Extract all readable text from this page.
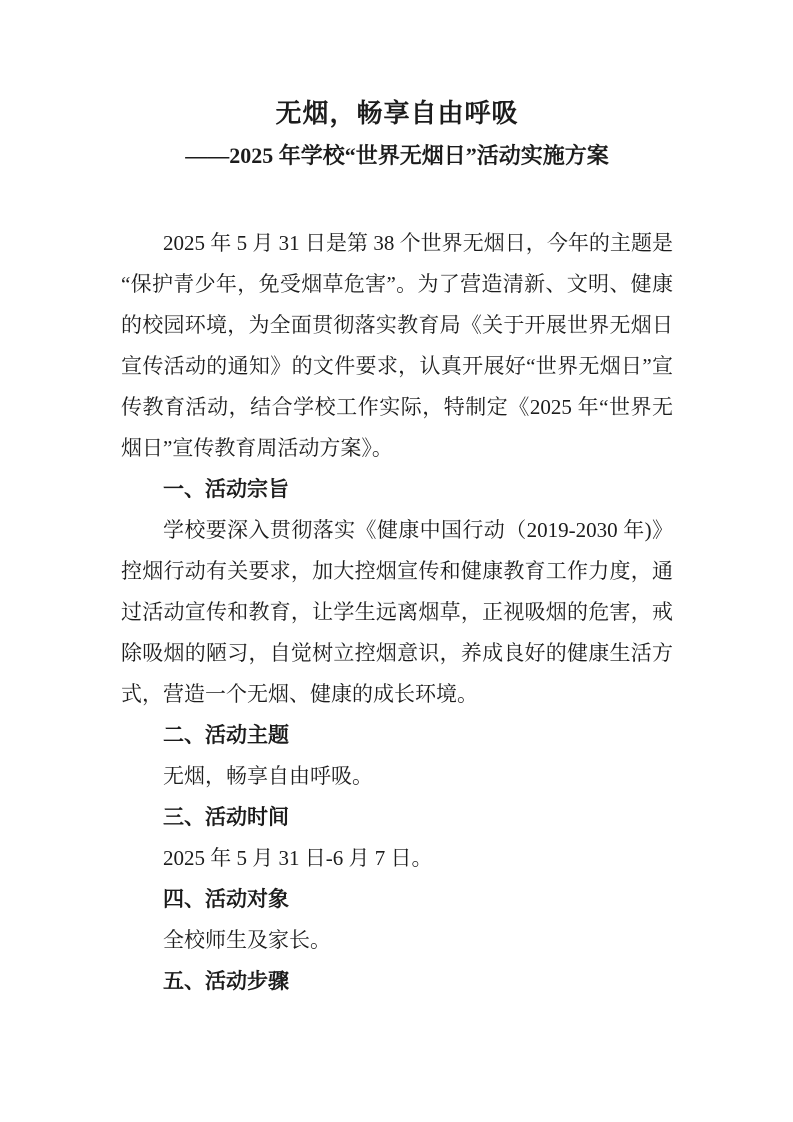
无烟，畅享自由呼吸
——2025 年学校“世界无烟日”活动实施方案

2025 年 5 月 31 日是第 38 个世界无烟日，今年的主题是“保护青少年，免受烟草危害”。为了营造清新、文明、健康的校园环境，为全面贯彻落实教育局《关于开展世界无烟日宣传活动的通知》的文件要求，认真开展好“世界无烟日”宣传教育活动，结合学校工作实际，特制定《2025 年“世界无烟日”宣传教育周活动方案》。

一、活动宗旨

学校要深入贯彻落实《健康中国行动（2019-2030 年)》控烟行动有关要求，加大控烟宣传和健康教育工作力度，通过活动宣传和教育，让学生远离烟草，正视吸烟的危害，戒除吸烟的陋习，自觉树立控烟意识，养成良好的健康生活方式，营造一个无烟、健康的成长环境。

二、活动主题

无烟，畅享自由呼吸。

三、活动时间

2025 年 5 月 31 日-6 月 7 日。

四、活动对象

全校师生及家长。

五、活动步骤
